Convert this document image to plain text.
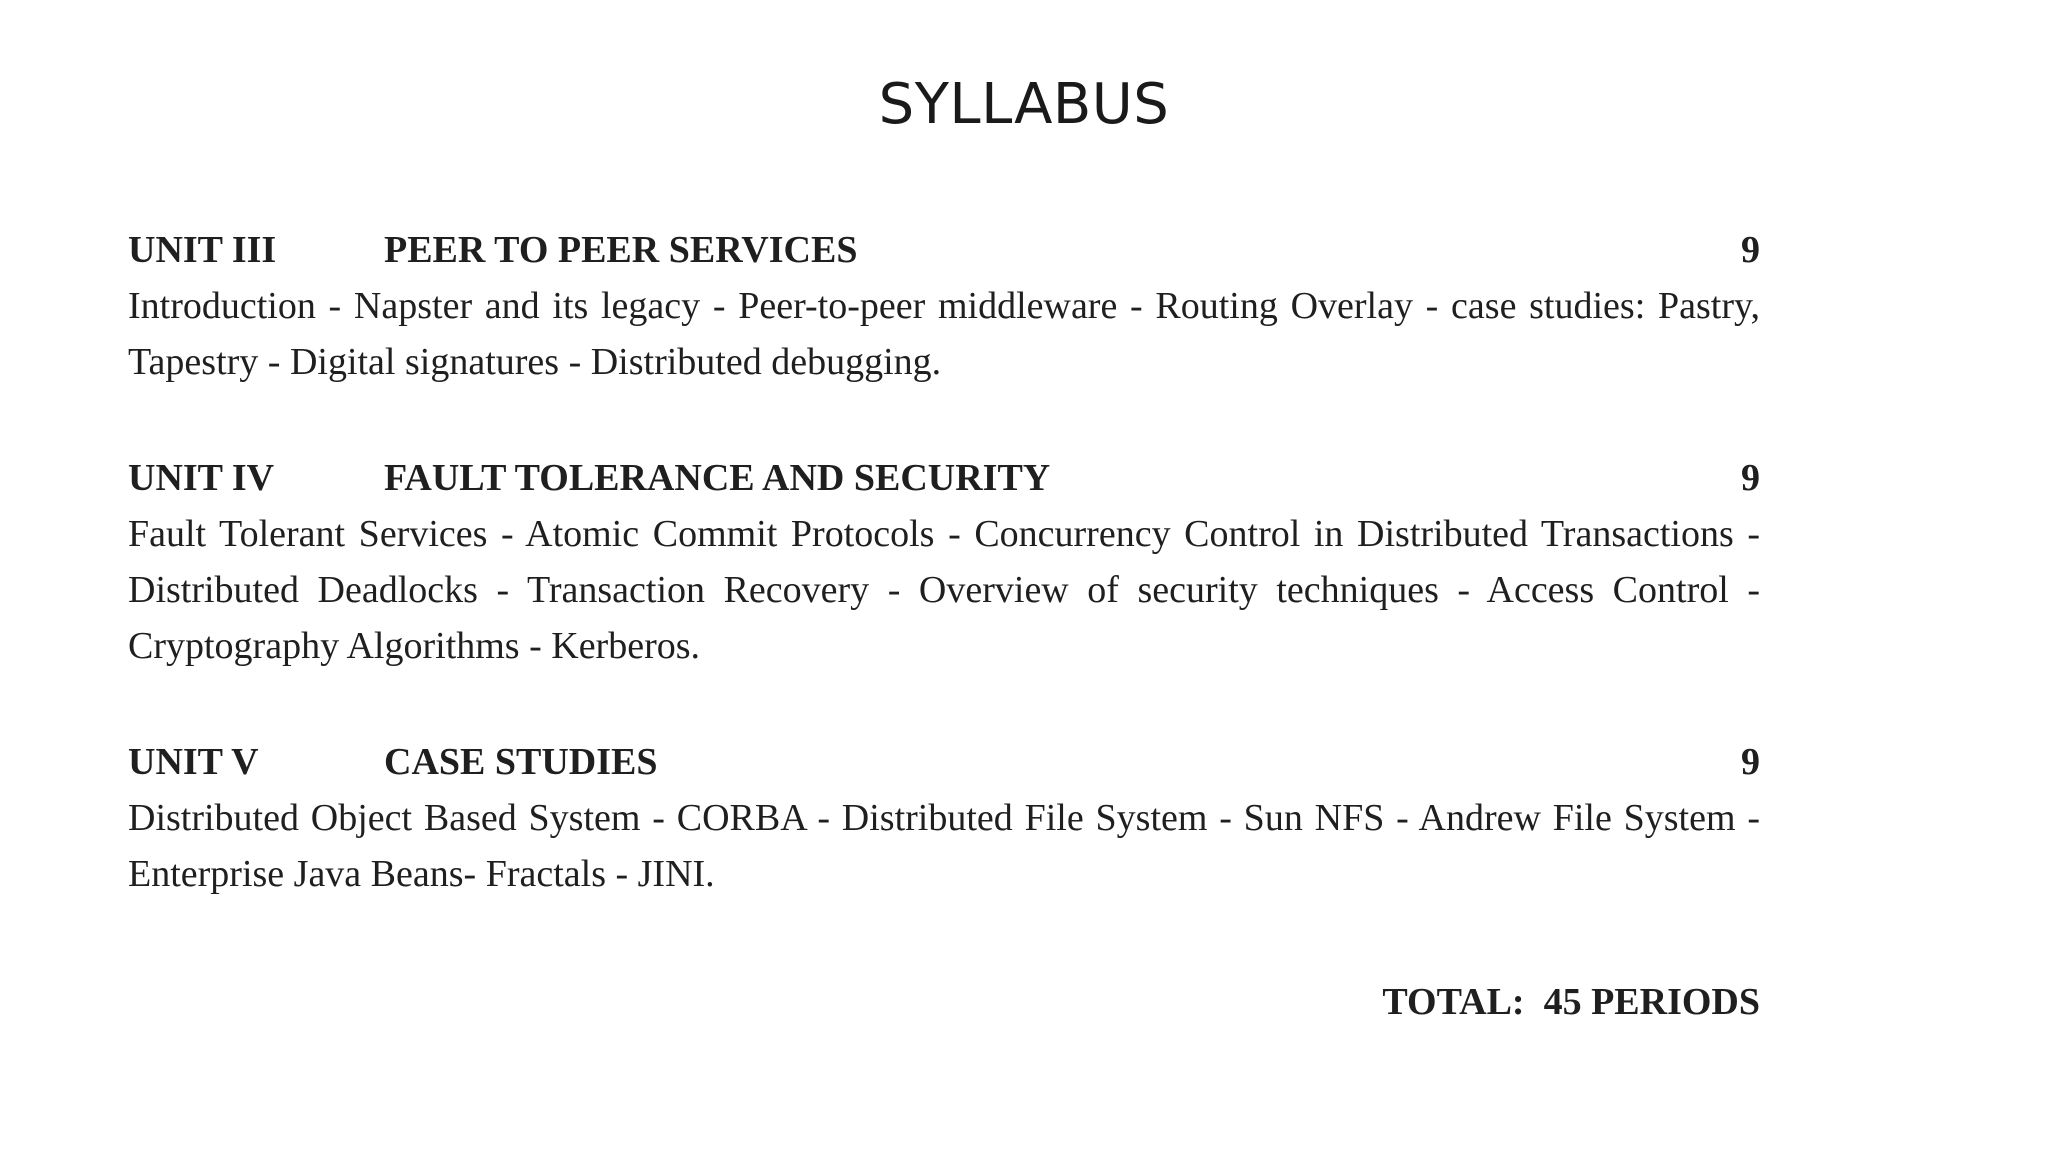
SYLLABUS
UNIT III	PEER TO PEER SERVICES	9
Introduction - Napster and its legacy - Peer-to-peer middleware - Routing Overlay - case studies: Pastry, Tapestry - Digital signatures - Distributed debugging.
UNIT IV	FAULT TOLERANCE AND SECURITY	9
Fault Tolerant Services - Atomic Commit Protocols - Concurrency Control in Distributed Transactions - Distributed Deadlocks - Transaction Recovery - Overview of security techniques - Access Control - Cryptography Algorithms - Kerberos.
UNIT V	CASE STUDIES	9
Distributed Object Based System - CORBA - Distributed File System - Sun NFS - Andrew File System - Enterprise Java Beans- Fractals - JINI.
TOTAL:  45 PERIODS
